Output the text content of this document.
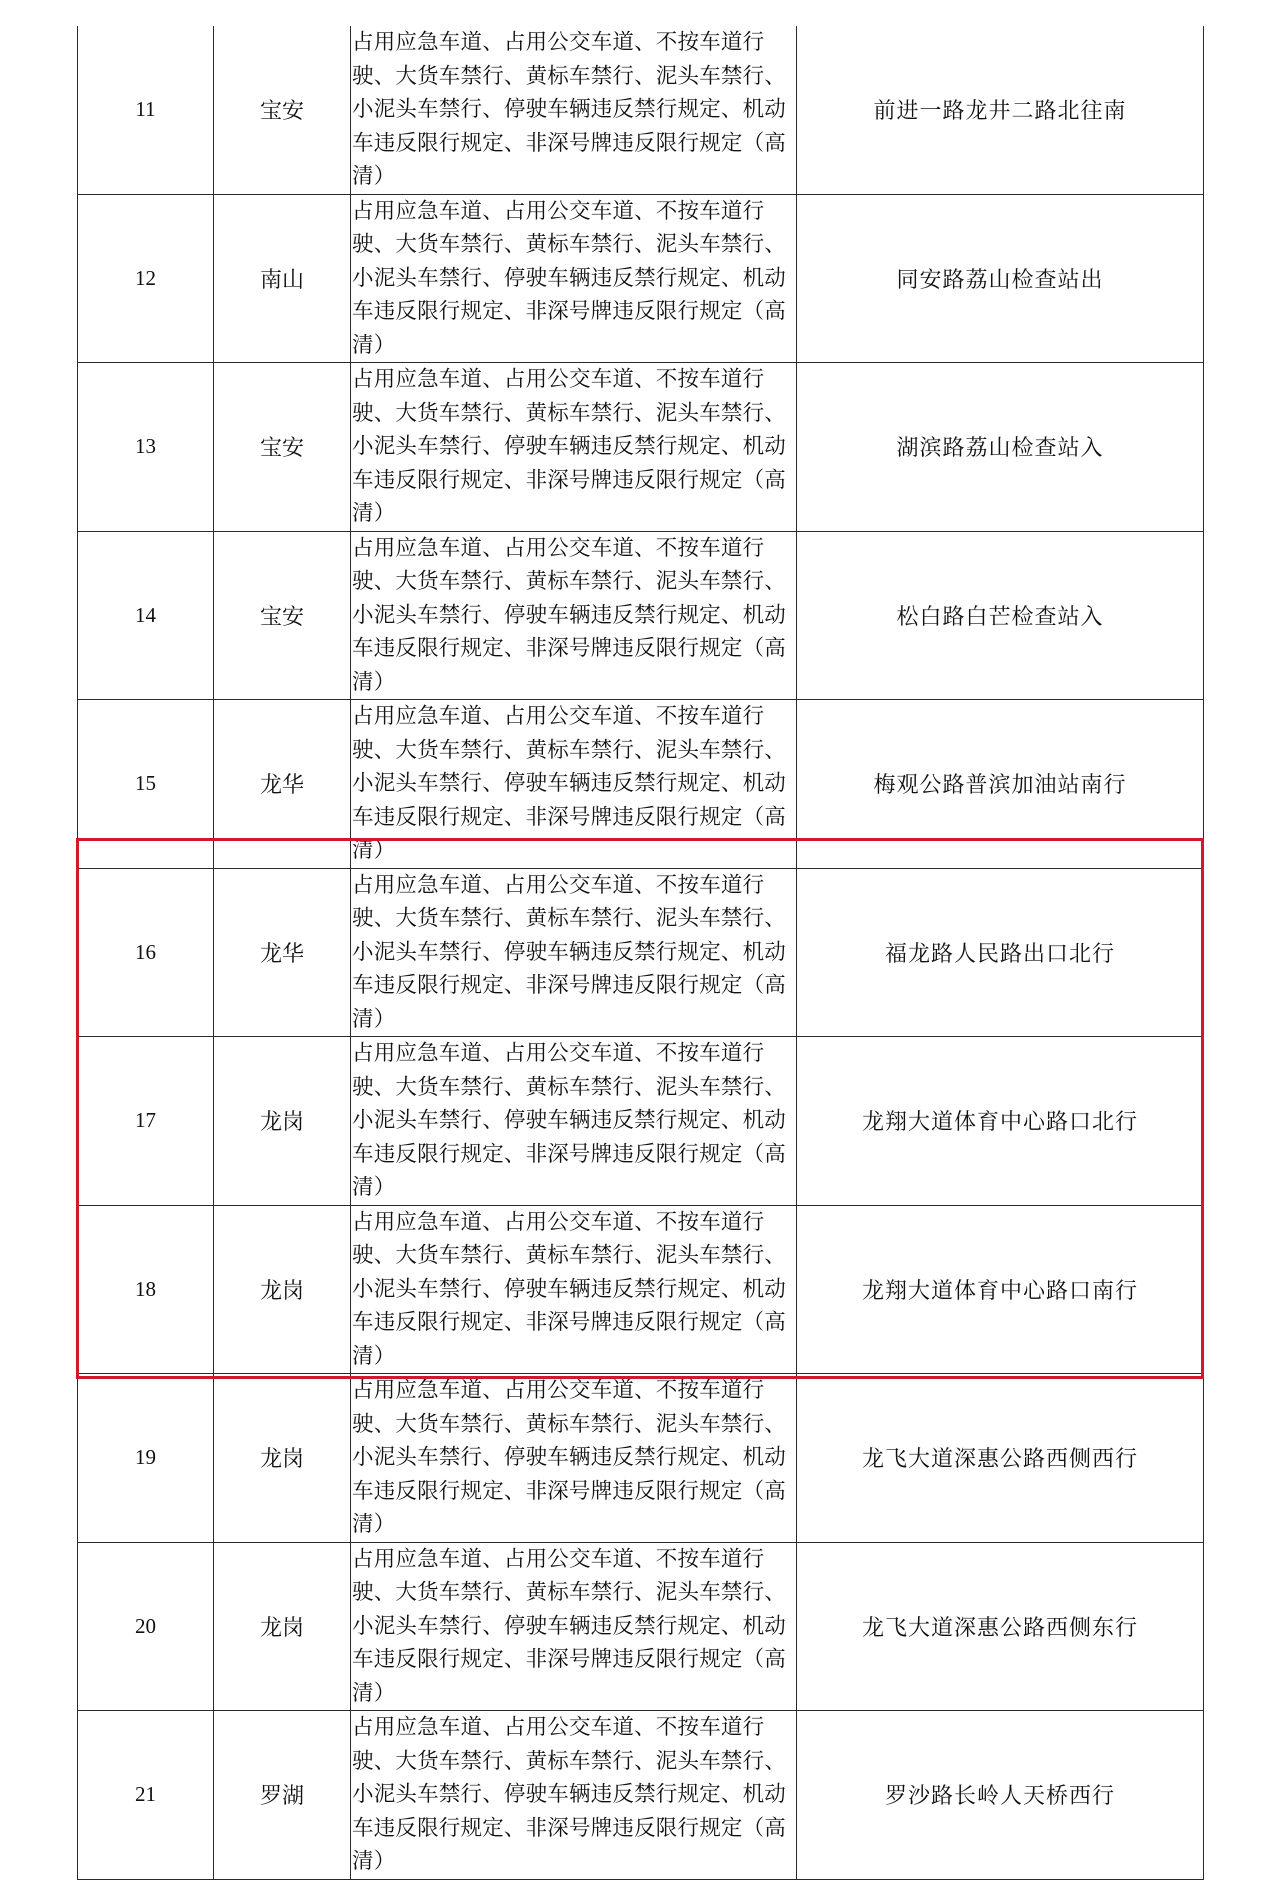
11	宝安	占用应急车道、占用公交车道、不按车道行驶、大货车禁行、黄标车禁行、泥头车禁行、小泥头车禁行、停驶车辆违反禁行规定、机动车违反限行规定、非深号牌违反限行规定（高清）	前进一路龙井二路北往南
12	南山	占用应急车道、占用公交车道、不按车道行驶、大货车禁行、黄标车禁行、泥头车禁行、小泥头车禁行、停驶车辆违反禁行规定、机动车违反限行规定、非深号牌违反限行规定（高清）	同安路荔山检查站出
13	宝安	占用应急车道、占用公交车道、不按车道行驶、大货车禁行、黄标车禁行、泥头车禁行、小泥头车禁行、停驶车辆违反禁行规定、机动车违反限行规定、非深号牌违反限行规定（高清）	湖滨路荔山检查站入
14	宝安	占用应急车道、占用公交车道、不按车道行驶、大货车禁行、黄标车禁行、泥头车禁行、小泥头车禁行、停驶车辆违反禁行规定、机动车违反限行规定、非深号牌违反限行规定（高清）	松白路白芒检查站入
15	龙华	占用应急车道、占用公交车道、不按车道行驶、大货车禁行、黄标车禁行、泥头车禁行、小泥头车禁行、停驶车辆违反禁行规定、机动车违反限行规定、非深号牌违反限行规定（高清）	梅观公路普滨加油站南行
16	龙华	占用应急车道、占用公交车道、不按车道行驶、大货车禁行、黄标车禁行、泥头车禁行、小泥头车禁行、停驶车辆违反禁行规定、机动车违反限行规定、非深号牌违反限行规定（高清）	福龙路人民路出口北行
17	龙岗	占用应急车道、占用公交车道、不按车道行驶、大货车禁行、黄标车禁行、泥头车禁行、小泥头车禁行、停驶车辆违反禁行规定、机动车违反限行规定、非深号牌违反限行规定（高清）	龙翔大道体育中心路口北行
18	龙岗	占用应急车道、占用公交车道、不按车道行驶、大货车禁行、黄标车禁行、泥头车禁行、小泥头车禁行、停驶车辆违反禁行规定、机动车违反限行规定、非深号牌违反限行规定（高清）	龙翔大道体育中心路口南行
19	龙岗	占用应急车道、占用公交车道、不按车道行驶、大货车禁行、黄标车禁行、泥头车禁行、小泥头车禁行、停驶车辆违反禁行规定、机动车违反限行规定、非深号牌违反限行规定（高清）	龙飞大道深惠公路西侧西行
20	龙岗	占用应急车道、占用公交车道、不按车道行驶、大货车禁行、黄标车禁行、泥头车禁行、小泥头车禁行、停驶车辆违反禁行规定、机动车违反限行规定、非深号牌违反限行规定（高清）	龙飞大道深惠公路西侧东行
21	罗湖	占用应急车道、占用公交车道、不按车道行驶、大货车禁行、黄标车禁行、泥头车禁行、小泥头车禁行、停驶车辆违反禁行规定、机动车违反限行规定、非深号牌违反限行规定（高清）	罗沙路长岭人天桥西行
